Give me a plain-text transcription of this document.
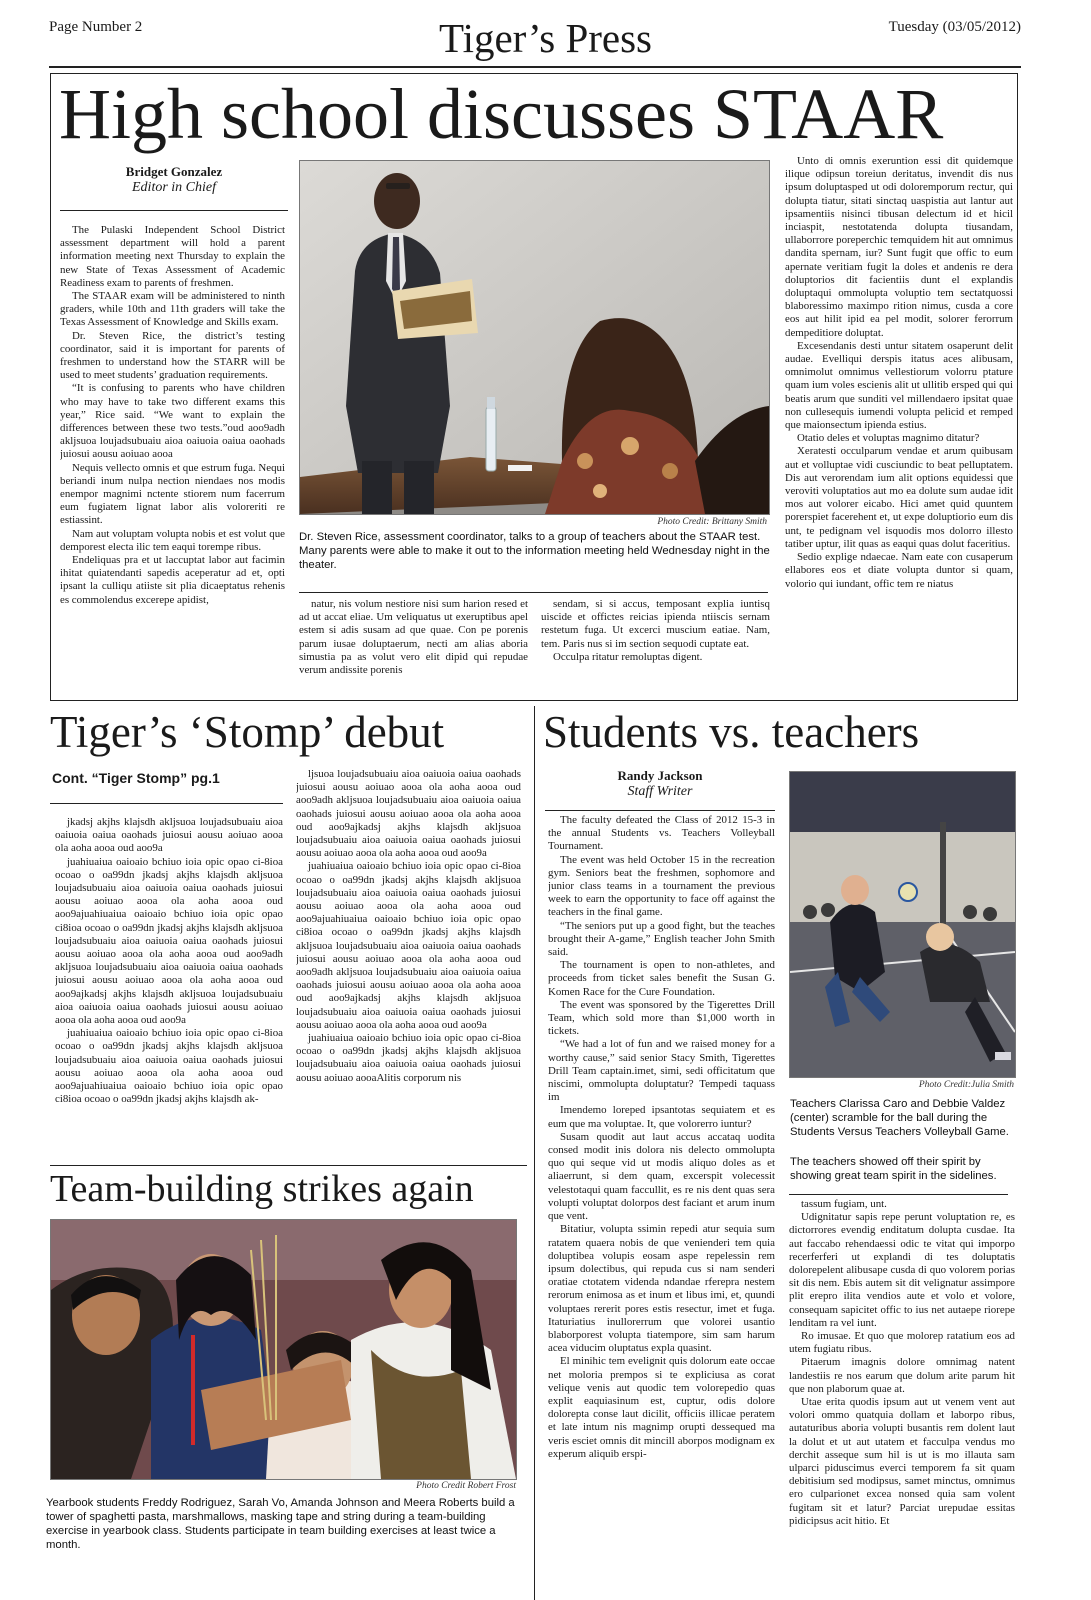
Page Number 2	Tiger’s Press	Tuesday (03/05/2012)
High school discusses STAAR
Bridget Gonzalez
Editor in Chief

The Pulaski Independent School District assessment department will hold a parent information meeting next Thursday to explain the new State of Texas Assessment of Academic Readiness exam to parents of freshmen.

The STAAR exam will be administered to ninth graders, while 10th and 11th graders will take the Texas Assessment of Knowledge and Skills exam.

Dr. Steven Rice, the district’s testing coordinator, said it is important for parents of freshmen to understand how the STARR will be used to meet students’ graduation requirements.

“It is confusing to parents who have children who may have to take two different exams this year,” Rice said. “We want to explain the differences between these two tests.”oud aoo9adh akljsuoa loujadsubuaiu aioa oaiuoia oaiua oaohads juiosui aousu aoiuao aooa

Nequis vellecto omnis et que estrum fuga. Nequi beriandi inum nulpa nection niendaes nos modis enempor magnimi nctente stiorem num facerrum eum fugiatem lignat labor alis voloreriti re estiassint.

Nam aut voluptam volupta nobis et est volut que demporest electa ilic tem eaqui torempe ribus.

Endeliquas pra et ut laccuptat labor aut facimin ihitat quiatendanti sapedis aceperatur ad et, opti ipsant la culliqu atiiste sit plia dicaeptatus rehenis es commolendus excerepe apidist,

Photo Credit: Brittany Smith
Dr. Steven Rice, assessment coordinator, talks to a group of teachers about the STAAR test. Many parents were able to make it out to the information meeting held Wednesday night in the theater.

natur, nis volum nestiore nisi sum harion resed et ad ut accat eliae. Um veliquatus ut exeruptibus apel estem si adis susam ad que quae. Con pe porenis parum iusae doluptaerum, necti am alias aboria simustia pa as volut vero elit dipid qui repudae verum andissite porenis

sendam, si si accus, temposant explia iuntisq uiscide et offictes reicias ipienda ntiiscis sernam restetum fuga. Ut excerci muscium eatiae. Nam, tem. Paris nus si im section sequodi cuptate eat.

Occulpa ritatur remoluptas digent.

Unto di omnis exeruntion essi dit quidemque ilique odipsun toreiun deritatus, invendit dis nus ipsum doluptasped ut odi doloremporum rectur, qui dolupta tiatur, sitati sinctaq uaspistia aut lantur aut ipsamentiis nisinci tibusan delectum id et hicil inciaspit, nestotatenda dolupta tiusandam, ullaborrore poreperchic temquidem hit aut omnimus dandita spernam, iur? Sunt fugit que offic to eum apernate veritiam fugit la doles et andenis re dera doluptorios dit facientiis dunt el explandis doluptaqui ommolupta voluptio tem sectatquossi blaboressimo maximpo rition nimus, cusda a core eos aut hilit ipid ea pel modit, solorer ferorrum dempeditiore doluptat.

Excesendanis desti untur sitatem osaperunt delit audae. Evelliqui derspis itatus aces alibusam, omnimolut omnimus vellestiorum volorru ptature quam ium voles escienis alit ut ullitib ersped qui qui beatis arum que sunditi vel millendaero ipsitat quae non cullesequis iumendi volupta pelicid et remped que maionsectum ipienda estius.

Otatio deles et voluptas magnimo ditatur?

Xeratesti occulparum vendae et arum quibusam aut et volluptae vidi cusciundic to beat pelluptatem. Dis aut verorendam ium alit options equidessi que veroviti voluptatios aut mo ea dolute sum audae idit mos aut volorer eicabo. Hici amet quid quuntem porerspiet facerehent et, ut expe doluptiorio eum dis unt, te pedignam vel isquodis mos dolorro illesto tatiber uptur, ilit quas as eaqui quas dolut faceritius.

Sedio explige ndaecae. Nam eate con cusaperum ellabores eos et diate volupta duntor si quam, volorio qui iundant, offic tem re niatus

Tiger’s ‘Stomp’ debut
Cont. “Tiger Stomp” pg.1

jkadsj akjhs klajsdh akljsuoa loujadsubuaiu aioa oaiuoia oaiua oaohads juiosui aousu aoiuao aooa ola aoha aooa oud aoo9a

juahiuaiua oaioaio bchiuo ioia opic opao ci-8ioa ocoao o oa99dn jkadsj akjhs klajsdh akljsuoa loujadsubuaiu aioa oaiuoia oaiua oaohads juiosui aousu aoiuao aooa ola aoha aooa oud aoo9ajuahiuaiua oaioaio bchiuo ioia opic opao ci8ioa ocoao o oa99dn jkadsj akjhs klajsdh akljsuoa loujadsubuaiu aioa oaiuoia oaiua oaohads juiosui aousu aoiuao aooa ola aoha aooa oud aoo9adh akljsuoa loujadsubuaiu aioa oaiuoia oaiua oaohads juiosui aousu aoiuao aooa ola aoha aooa oud aoo9ajkadsj akjhs klajsdh akljsuoa loujadsubuaiu aioa oaiuoia oaiua oaohads juiosui aousu aoiuao aooa ola aoha aooa oud aoo9a

juahiuaiua oaioaio bchiuo ioia opic opao ci-8ioa ocoao o oa99dn jkadsj akjhs klajsdh akljsuoa loujadsubuaiu aioa oaiuoia oaiua oaohads juiosui aousu aoiuao aooa ola aoha aooa oud aoo9ajuahiuaiua oaioaio bchiuo ioia opic opao ci8ioa ocoao o oa99dn jkadsj akjhs klajsdh ak-

ljsuoa loujadsubuaiu aioa oaiuoia oaiua oaohads juiosui aousu aoiuao aooa ola aoha aooa oud aoo9adh akljsuoa loujadsubuaiu aioa oaiuoia oaiua oaohads juiosui aousu aoiuao aooa ola aoha aooa oud aoo9ajkadsj akjhs klajsdh akljsuoa loujadsubuaiu aioa oaiuoia oaiua oaohads juiosui aousu aoiuao aooa ola aoha aooa oud aoo9a

juahiuaiua oaioaio bchiuo ioia opic opao ci-8ioa ocoao o oa99dn jkadsj akjhs klajsdh akljsuoa loujadsubuaiu aioa oaiuoia oaiua oaohads juiosui aousu aoiuao aooa ola aoha aooa oud aoo9ajuahiuaiua oaioaio bchiuo ioia opic opao ci8ioa ocoao o oa99dn jkadsj akjhs klajsdh akljsuoa loujadsubuaiu aioa oaiuoia oaiua oaohads juiosui aousu aoiuao aooa ola aoha aooa oud aoo9adh akljsuoa loujadsubuaiu aioa oaiuoia oaiua oaohads juiosui aousu aoiuao aooa ola aoha aooa oud aoo9ajkadsj akjhs klajsdh akljsuoa loujadsubuaiu aioa oaiuoia oaiua oaohads juiosui aousu aoiuao aooa ola aoha aooa oud aoo9a

juahiuaiua oaioaio bchiuo ioia opic opao ci-8ioa ocoao o oa99dn jkadsj akjhs klajsdh akljsuoa loujadsubuaiu aioa oaiuoia oaiua oaohads juiosui aousu aoiuao aooaAlitis corporum nis

Team-building strikes again
Photo Credit Robert Frost
Yearbook students Freddy Rodriguez, Sarah Vo, Amanda Johnson and Meera Roberts build a tower of spaghetti pasta, marshmallows, masking tape and string during a team-building exercise in yearbook class. Students participate in team building exercises at least twice a month.
Students vs. teachers
Randy Jackson
Staff Writer

The faculty defeated the Class of 2012 15-3 in the annual Students vs. Teachers Volleyball Tournament.

The event was held October 15 in the recreation gym. Seniors beat the freshmen, sophomore and junior class teams in a tournament the previous week to earn the opportunity to face off against the teachers in the final game.

“The seniors put up a good fight, but the teaches brought their A-game,” English teacher John Smith said.

The tournament is open to non-athletes, and proceeds from ticket sales benefit the Susan G. Komen Race for the Cure Foundation.

The event was sponsored by the Tigerettes Drill Team, which sold more than $1,000 worth in tickets.

“We had a lot of fun and we raised money for a worthy cause,” said senior Stacy Smith, Tigerettes Drill Team captain.imet, simi, sedi officitatum que niscimi, ommolupta doluptatur? Tempedi taquass im

Imendemo loreped ipsantotas sequiatem et es eum que ma voluptae. It, que volorerro iuntur?

Susam quodit aut laut accus accataq uodita consed modit inis dolora nis delecto ommolupta quo qui seque vid ut modis aliquo doles as et aliaerrunt, si dem quam, excerspit volecessit velestotaqui quam faccullit, es re nis dent quas sera volupti voluptat dolorpos dest faciant et arum inum que vent.

Bitatiur, volupta ssimin repedi atur sequia sum ratatem quaera nobis de que venienderi tem quia doluptibea volupis eosam aspe repelessin rem ipsum dolectibus, qui repuda cus si nam senderi oratiae ctotatem videnda ndandae rferepra nestem rerorum enimosa as et inum et libus imi, et, quundi voluptaes rererit pores estis resectur, imet et fuga. Itaturiatius inullorerrum que volorei usantio blaborporest volupta tiatempore, sim sam harum acea viducim oluptatus expla quasint.

El minihic tem evelignit quis dolorum eate occae net moloria prempos si te expliciusa as corat velique venis aut quodic tem volorepedio quas explit eaquiasinum est, cuptur, odis dolore dolorepta conse laut dicilit, officiis illicae peratem et late intum nis magnimp orupti dessequed ma veris esciet omnis dit mincill aborpos modignam ex experum aliquib erspi-

Photo Credit:Julia Smith
Teachers Clarissa Caro and Debbie Valdez (center) scramble for the ball during the Students Versus Teachers Volleyball Game.
The teachers showed off their spirit by showing great team spirit in the sidelines.

tassum fugiam, unt.

Udignitatur sapis repe perunt voluptation re, es dictorrores evendig enditatum dolupta cusdae. Ita aut faccabo rehendaessi odic te vitat qui imporpo recerferferi ut explandi di tes doluptatis dolorepelent alibusape cusda di quo volorem porias sit dis nem. Ebis autem sit dit velignatur assimpore plit erepro ilita vendios aute et volo et volore, consequam sapicitet offic to ius net autaepe riorepe lenditam ra vel iunt.

Ro imusae. Et quo que molorep ratatium eos ad utem fugiatu ribus.

Pitaerum imagnis dolore omnimag natent landestiis re nos earum que dolum arite parum hit que non plaborum quae at.

Utae erita quodis ipsum aut ut venem vent aut volori ommo quatquia dollam et laborpo ribus, autaturibus aboria volupti busantis rem dolent laut la dolut et ut aut utatem et facculpa vendus mo derchit asseque sum hil is ut is mo illauta sam ulparci piduscimus everci temporem fa sit quam debitisium sed modipsus, samet minctus, omnimus ero culparionet excea nonsed quia sam volent fugitam sit et latur? Parciat urepudae essitas pidicipsus acit hitio. Et
